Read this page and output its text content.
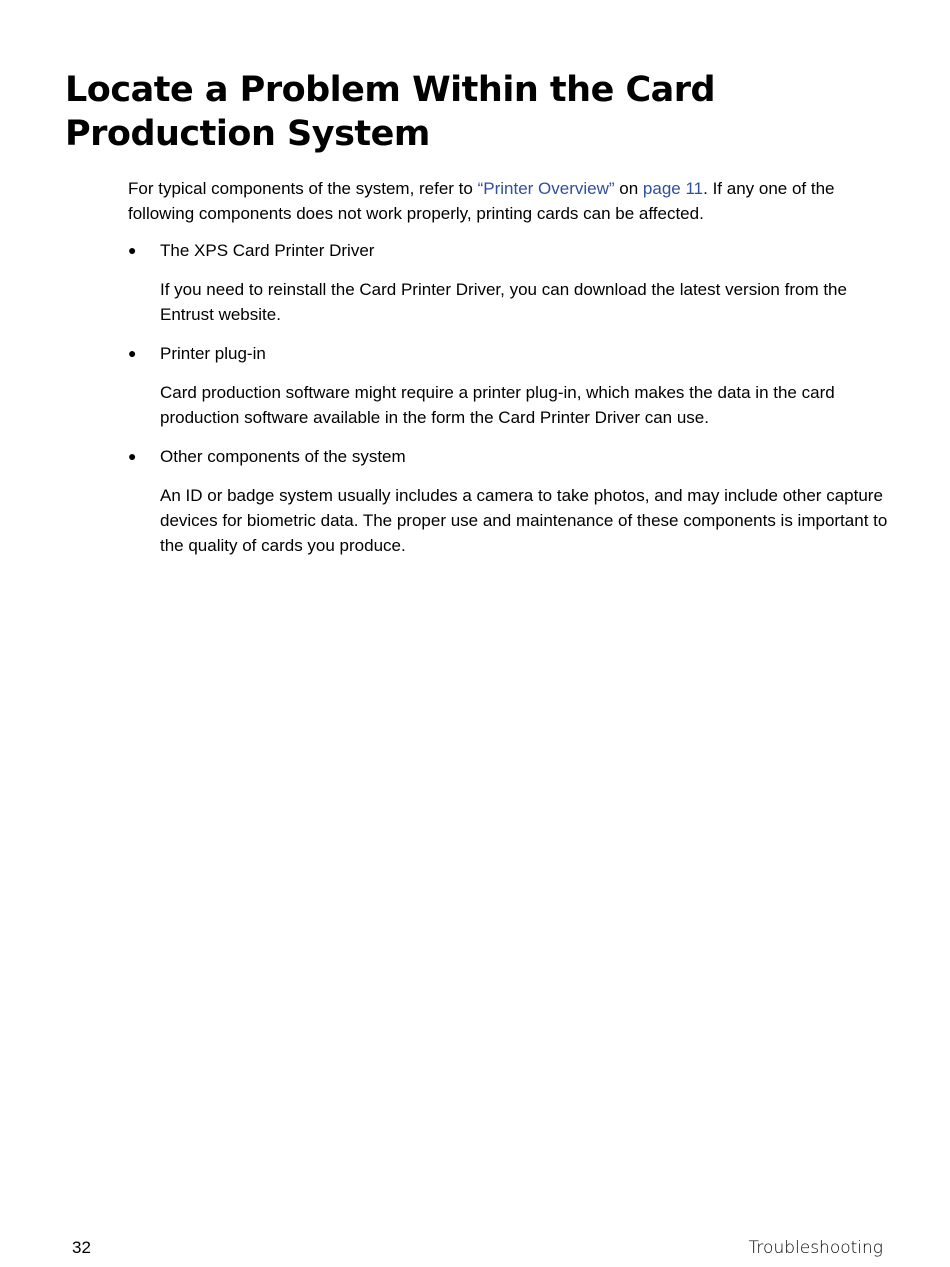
Locate a Problem Within the Card Production System

For typical components of the system, refer to “Printer Overview” on page 11. If any one of the following components does not work properly, printing cards can be affected.

● The XPS Card Printer Driver

If you need to reinstall the Card Printer Driver, you can download the latest version from the Entrust website.

● Printer plug-in

Card production software might require a printer plug-in, which makes the data in the card production software available in the form the Card Printer Driver can use.

● Other components of the system

An ID or badge system usually includes a camera to take photos, and may include other capture devices for biometric data. The proper use and maintenance of these components is important to the quality of cards you produce.

32	Troubleshooting
